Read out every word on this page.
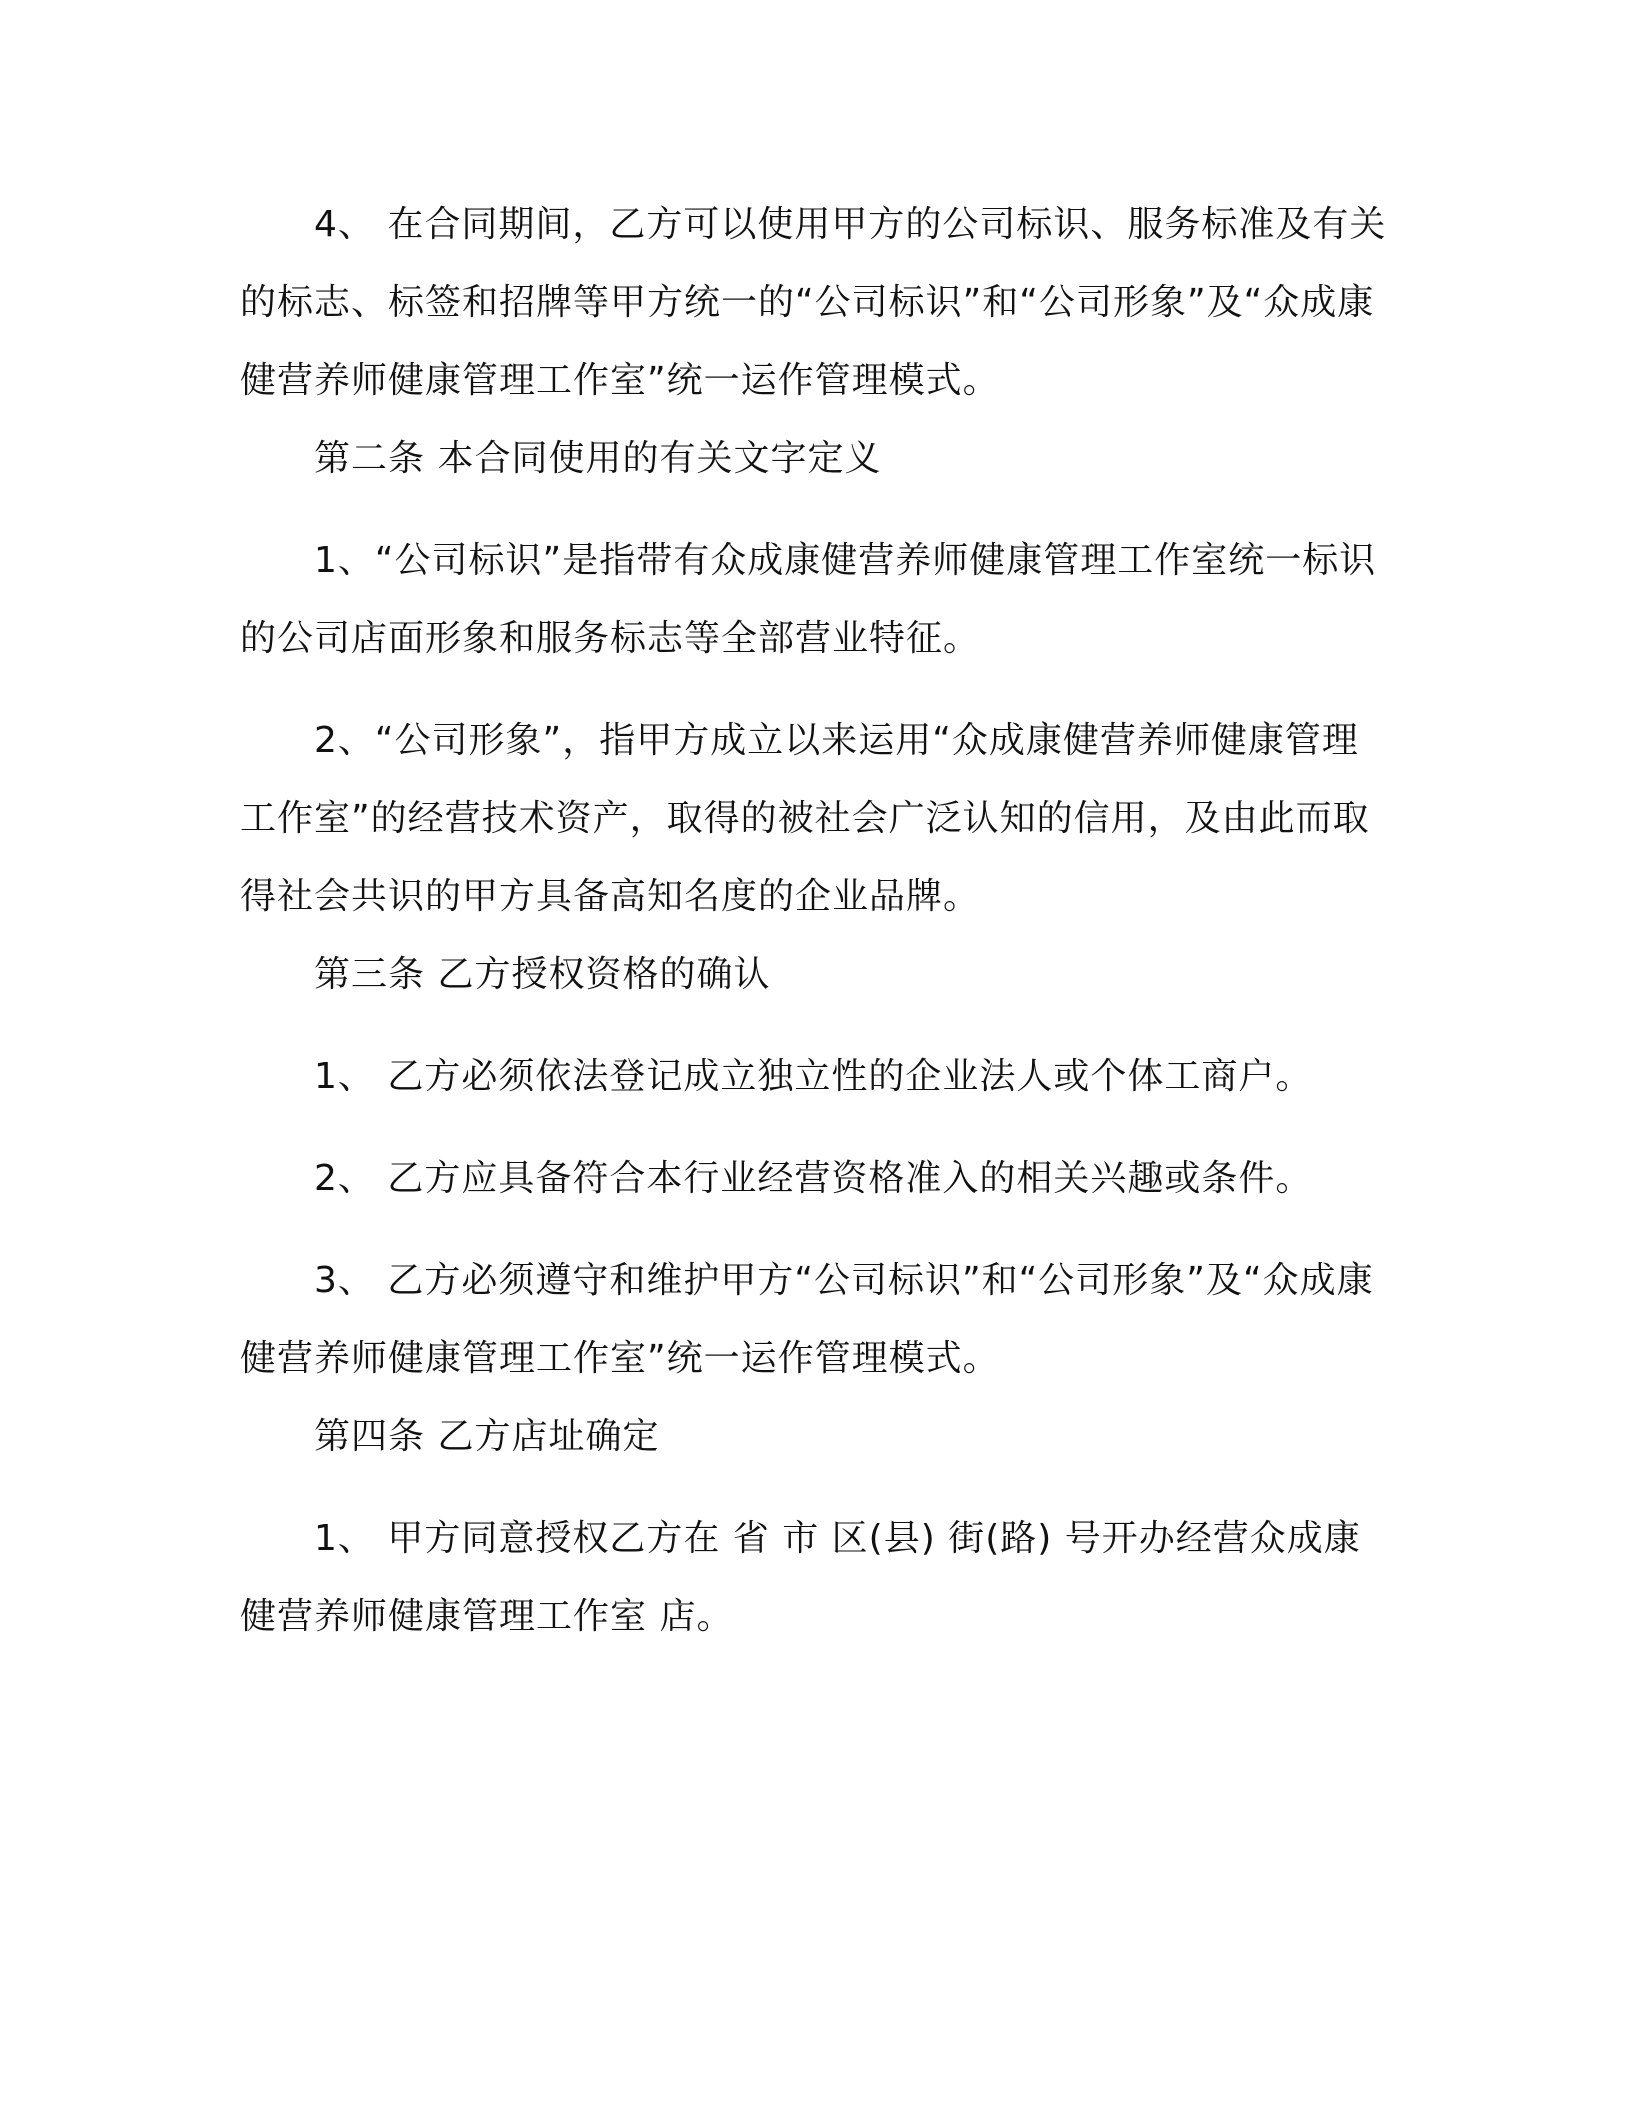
4、 在合同期间，乙方可以使用甲方的公司标识、服务标准及有关的标志、标签和招牌等甲方统一的“公司标识”和“公司形象”及“众成康健营养师健康管理工作室”统一运作管理模式。

第二条 本合同使用的有关文字定义

1、“公司标识”是指带有众成康健营养师健康管理工作室统一标识的公司店面形象和服务标志等全部营业特征。

2、“公司形象”，指甲方成立以来运用“众成康健营养师健康管理工作室”的经营技术资产，取得的被社会广泛认知的信用，及由此而取得社会共识的甲方具备高知名度的企业品牌。

第三条 乙方授权资格的确认

1、 乙方必须依法登记成立独立性的企业法人或个体工商户。

2、 乙方应具备符合本行业经营资格准入的相关兴趣或条件。

3、 乙方必须遵守和维护甲方“公司标识”和“公司形象”及“众成康健营养师健康管理工作室”统一运作管理模式。

第四条 乙方店址确定

1、 甲方同意授权乙方在 省 市 区(县) 街(路) 号开办经营众成康健营养师健康管理工作室 店。
